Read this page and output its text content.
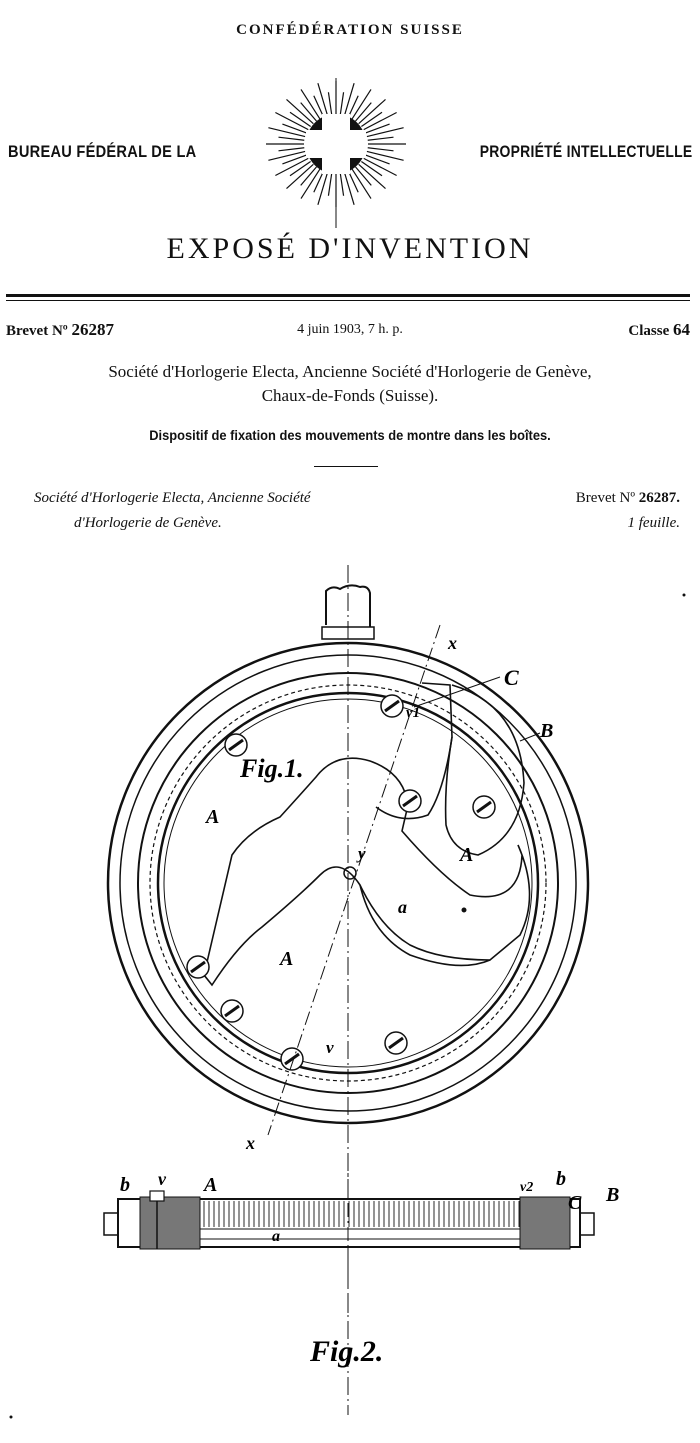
CONFÉDÉRATION SUISSE
BUREAU FÉDÉRAL DE LA	PROPRIÉTÉ INTELLECTUELLE
EXPOSÉ D'INVENTION
Brevet Nº 26287	4 juin 1903, 7 h. p.	Classe 64
Société d'Horlogerie Electa, Ancienne Société d'Horlogerie de Genève,
Chaux-de-Fonds (Suisse).
Dispositif de fixation des mouvements de montre dans les boîtes.
Société d'Horlogerie Electa, Ancienne Société
d'Horlogerie de Genève.
Brevet Nº 26287.
1 feuille.
Fig.1.
C
B
x
x
v1
v
y
a
A
A
A
b v A	v2 b
C B
a
Fig.2.
